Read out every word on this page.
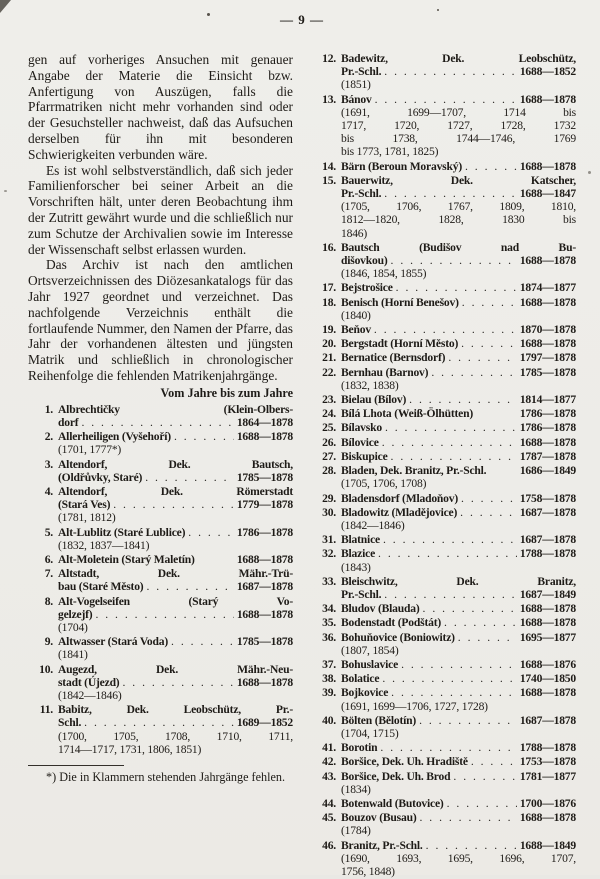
— 9 —

gen auf vorheriges Ansuchen mit genauer Angabe der Materie die Einsicht bzw. Anfertigung von Auszügen, falls die Pfarrmatriken nicht mehr vorhanden sind oder der Gesuchsteller nachweist, daß das Aufsuchen derselben für ihn mit besonderen Schwierigkeiten verbunden wäre.

Es ist wohl selbstverständlich, daß sich jeder Familienforscher bei seiner Arbeit an die Vorschriften hält, unter deren Beobachtung ihm der Zutritt gewährt wurde und die schließlich nur zum Schutze der Archivalien sowie im Interesse der Wissenschaft selbst erlassen wurden.

Das Archiv ist nach den amtlichen Ortsverzeichnissen des Diözesankatalogs für das Jahr 1927 geordnet und verzeichnet. Das nachfolgende Verzeichnis enthält die fortlaufende Nummer, den Namen der Pfarre, das Jahr der vorhandenen ältesten und jüngsten Matrik und schließlich in chronologischer Reihenfolge die fehlenden Matrikenjahrgänge.

Vom Jahre bis zum Jahre
1. Albrechtičky (Klein-Olbers-
dorf . . .	1864—1878
2. Allerheiligen (Vyšehoří) . . .	1688—1878
(1701, 1777*)
3. Altendorf, Dek. Bautsch,
(Oldřůvky, Staré) . . .	1785—1878
4. Altendorf, Dek. Römerstadt
(Stará Ves) . . .	1779—1878
(1781, 1812)
5. Alt-Lublitz (Staré Lublice) . . .	1786—1878
(1832, 1837—1841)
6. Alt-Moletein (Starý Maletín)	1688—1878
7. Altstadt, Dek. Mähr.-Trü-
bau (Staré Město) . . .	1687—1878
8. Alt-Vogelseifen (Starý Vo-
gelzejf) . . .	1688—1878
(1704)
9. Altwasser (Stará Voda) . . .	1785—1878
(1841)
10. Augezd, Dek. Mähr.-Neu-
stadt (Újezd) . . .	1688—1878
(1842—1846)
11. Babitz, Dek. Leobschütz, Pr.-
Schl. . . .	1689—1852
(1700, 1705, 1708, 1710, 1711,
1714—1717, 1731, 1806, 1851)

*) Die in Klammern stehenden Jahrgänge fehlen.

12. Badewitz, Dek. Leobschütz,
Pr.-Schl. . . .	1688—1852
(1851)
13. Bánov . . .	1688—1878
(1691, 1699—1707, 1714 bis
1717, 1720, 1727, 1728, 1732
bis 1738, 1744—1746, 1769
bis 1773, 1781, 1825)
14. Bärn (Beroun Moravský) . . .	1688—1878
15. Bauerwitz, Dek. Katscher,
Pr.-Schl. . . .	1688—1847
(1705, 1706, 1767, 1809, 1810,
1812—1820, 1828, 1830 bis
1846)
16. Bautsch (Budišov nad Bu-
dišovkou) . . .	1688—1878
(1846, 1854, 1855)
17. Bejstrošice . . .	1874—1877
18. Benisch (Horní Benešov) . . .	1688—1878
(1840)
19. Beňov . . .	1870—1878
20. Bergstadt (Horní Město) . . .	1688—1878
21. Bernatice (Bernsdorf) . . .	1797—1878
22. Bernhau (Barnov) . . .	1785—1878
(1832, 1838)
23. Bielau (Bílov) . . .	1814—1877
24. Bílá Lhota (Weiß-Ölhütten)	1786—1878
25. Bílavsko . . .	1786—1878
26. Bílovice . . .	1688—1878
27. Biskupice . . .	1787—1878
28. Bladen, Dek. Branitz, Pr.-Schl.	1686—1849
(1705, 1706, 1708)
29. Bladensdorf (Mladoňov) . . .	1758—1878
30. Bladowitz (Mladějovice) . . .	1687—1878
(1842—1846)
31. Blatnice . . .	1687—1878
32. Blazice . . .	1788—1878
(1843)
33. Bleischwitz, Dek. Branitz,
Pr.-Schl. . . .	1687—1849
34. Bludov (Blauda) . . .	1688—1878
35. Bodenstadt (Podštát) . . .	1688—1878
36. Bohuňovice (Boniowitz) . . .	1695—1877
(1807, 1854)
37. Bohuslavice . . .	1688—1876
38. Bolatice . . .	1740—1850
39. Bojkovice . . .	1688—1878
(1691, 1699—1706, 1727, 1728)
40. Bölten (Bělotín) . . .	1687—1878
(1704, 1715)
41. Borotin . . .	1788—1878
42. Boršice, Dek. Uh. Hradiště . . .	1753—1878
43. Boršice, Dek. Uh. Brod . . .	1781—1877
(1834)
44. Botenwald (Butovice) . . .	1700—1876
45. Bouzov (Busau) . . .	1688—1878
(1784)
46. Branitz, Pr.-Schl. . . .	1688—1849
(1690, 1693, 1695, 1696, 1707,
1756, 1848)
